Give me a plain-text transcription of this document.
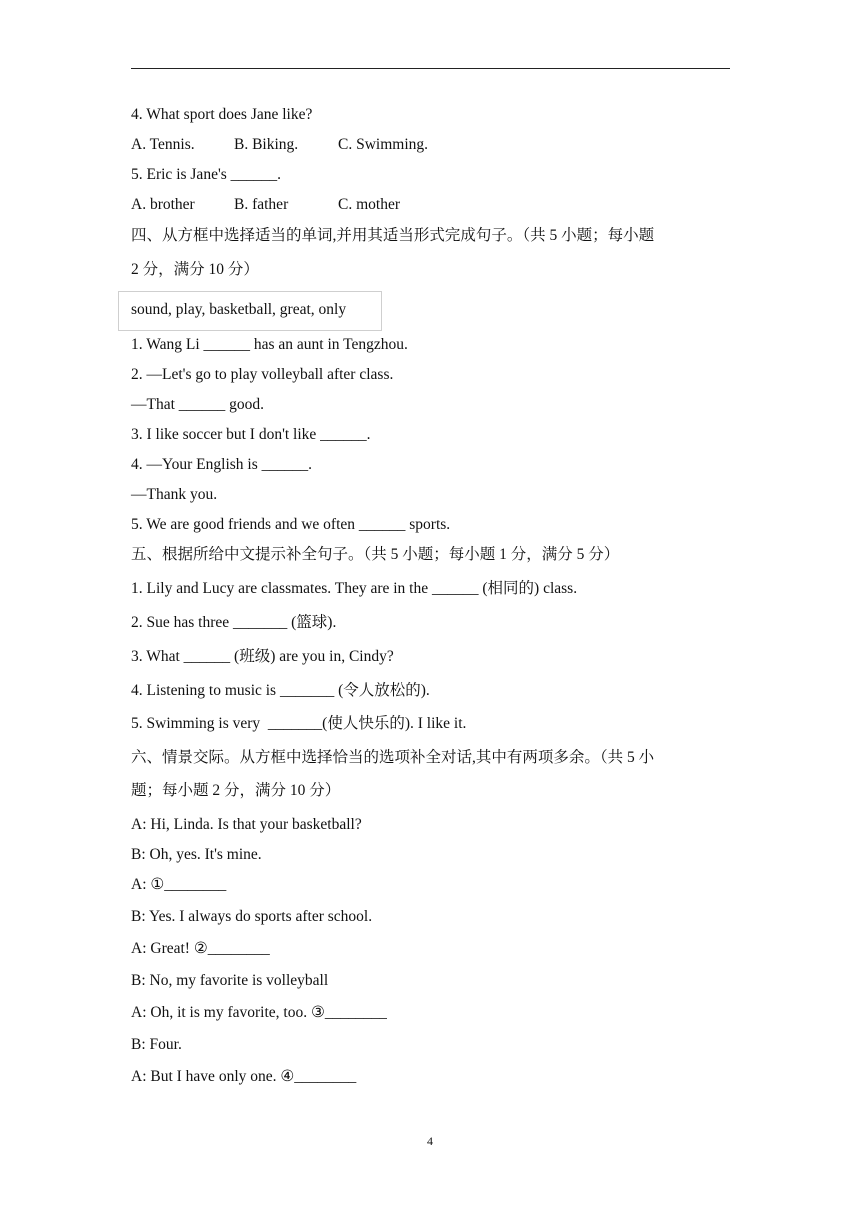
4. What sport does Jane like?
A. Tennis.	B. Biking.	C. Swimming.
5. Eric is Jane's ______.
A. brother	B. father	C. mother
四、从方框中选择适当的单词,并用其适当形式完成句子。（共 5 小题；每小题
2 分，满分 10 分）
sound, play, basketball, great, only
1. Wang Li ______ has an aunt in Tengzhou.
2. —Let's go to play volleyball after class.
—That ______ good.
3. I like soccer but I don't like ______.
4. —Your English is ______.
—Thank you.
5. We are good friends and we often ______ sports.
五、根据所给中文提示补全句子。（共 5 小题；每小题 1 分，满分 5 分）
1. Lily and Lucy are classmates. They are in the ______ (相同的) class.
2. Sue has three _______ (篮球).
3. What ______ (班级) are you in, Cindy?
4. Listening to music is _______ (令人放松的).
5. Swimming is very  _______(使人快乐的). I like it.
六、情景交际。从方框中选择恰当的选项补全对话,其中有两项多余。（共 5 小
题；每小题 2 分，满分 10 分）
A: Hi, Linda. Is that your basketball?
B: Oh, yes. It's mine.
A: ①________
B: Yes. I always do sports after school.
A: Great! ②________
B: No, my favorite is volleyball
A: Oh, it is my favorite, too. ③________
B: Four.
A: But I have only one. ④________
4
